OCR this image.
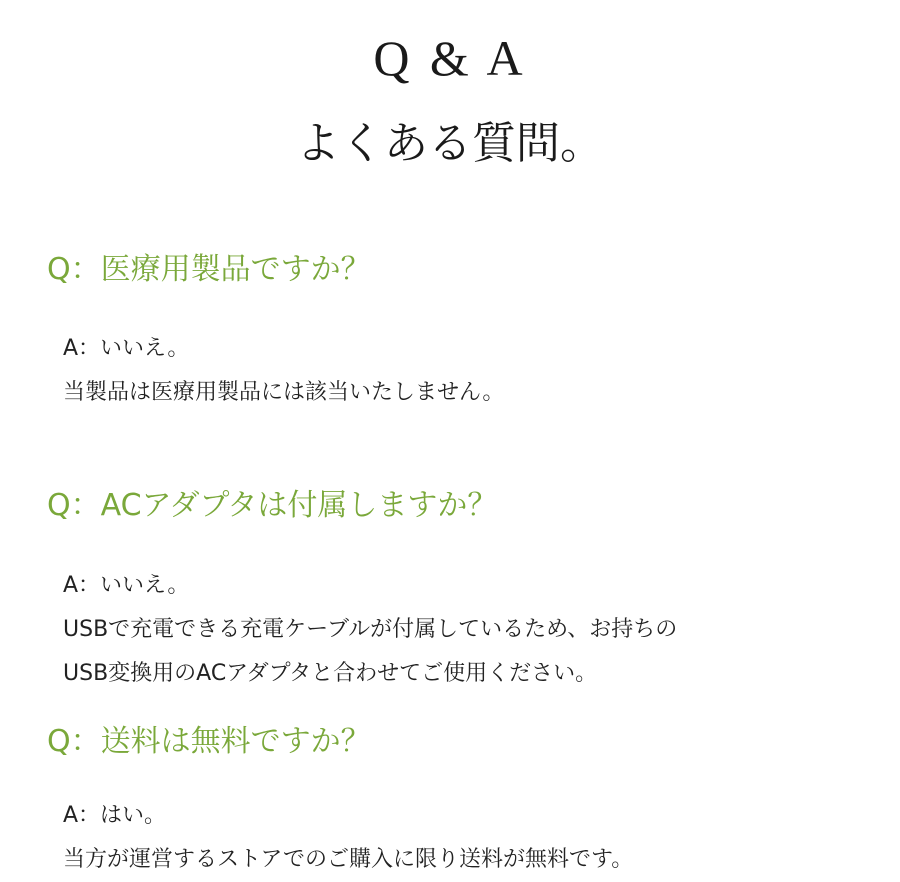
Q & A
よくある質問。
Q：医療用製品ですか？

A：いいえ。

当製品は医療用製品には該当いたしません。

Q：ACアダプタは付属しますか？

A：いいえ。

USBで充電できる充電ケーブルが付属しているため、お持ちの

USB変換用のACアダプタと合わせてご使用ください。

Q：送料は無料ですか？

A：はい。

当方が運営するストアでのご購入に限り送料が無料です。
